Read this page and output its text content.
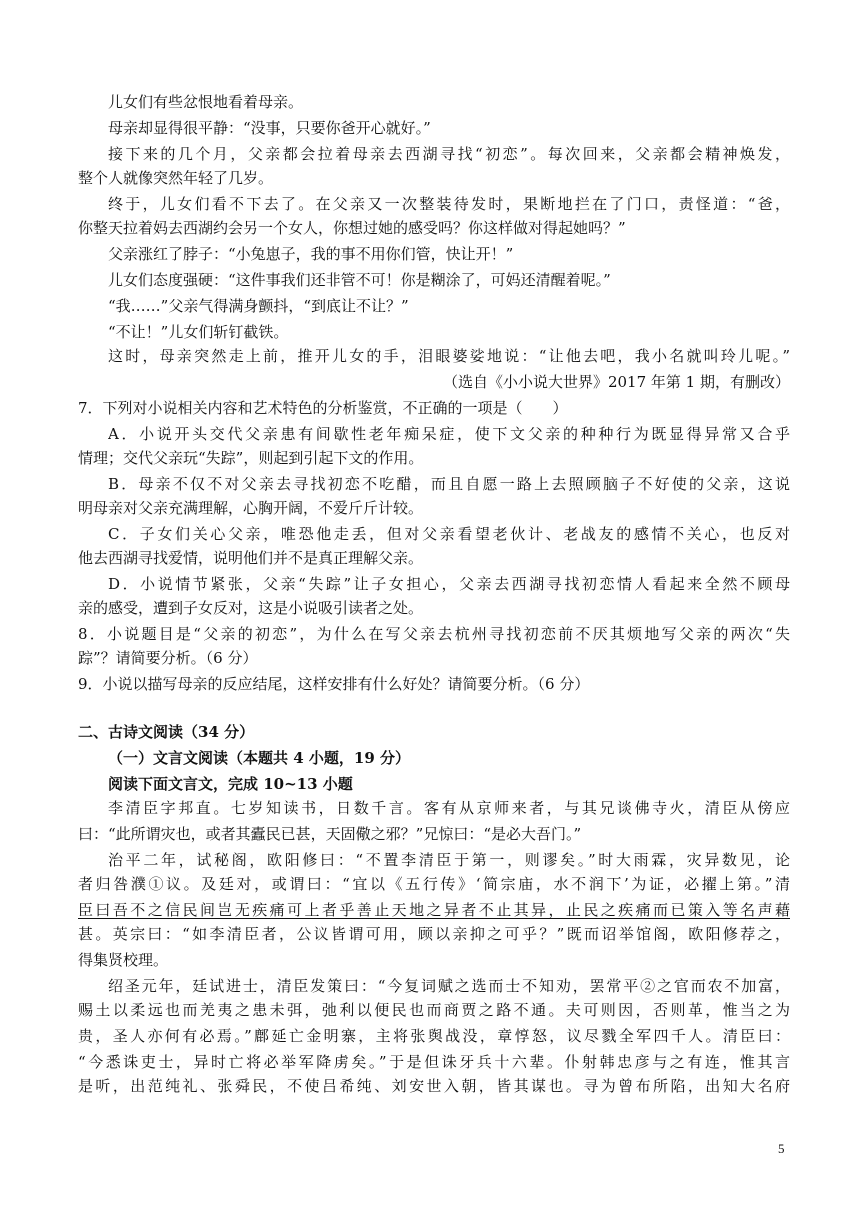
儿女们有些忿恨地看着母亲。
母亲却显得很平静：“没事，只要你爸开心就好。”
接下来的几个月，父亲都会拉着母亲去西湖寻找“初恋”。每次回来，父亲都会精神焕发，
整个人就像突然年轻了几岁。
终于，儿女们看不下去了。在父亲又一次整装待发时，果断地拦在了门口，责怪道：“爸，
你整天拉着妈去西湖约会另一个女人，你想过她的感受吗？你这样做对得起她吗？”
父亲涨红了脖子：“小兔崽子，我的事不用你们管，快让开！”
儿女们态度强硬：“这件事我们还非管不可！你是糊涂了，可妈还清醒着呢。”
“我……”父亲气得满身颤抖，“到底让不让？”
“不让！”儿女们斩钉截铁。
这时，母亲突然走上前，推开儿女的手，泪眼婆娑地说：“让他去吧，我小名就叫玲儿呢。”
（选自《小小说大世界》2017 年第 1 期，有删改）
7．下列对小说相关内容和艺术特色的分析鉴赏，不正确的一项是（　　）
A．小说开头交代父亲患有间歇性老年痴呆症，使下文父亲的种种行为既显得异常又合乎
情理；交代父亲玩“失踪”，则起到引起下文的作用。
B．母亲不仅不对父亲去寻找初恋不吃醋，而且自愿一路上去照顾脑子不好使的父亲，这说
明母亲对父亲充满理解，心胸开阔，不爱斤斤计较。
C．子女们关心父亲，唯恐他走丢，但对父亲看望老伙计、老战友的感情不关心，也反对
他去西湖寻找爱情，说明他们并不是真正理解父亲。
D．小说情节紧张，父亲“失踪”让子女担心，父亲去西湖寻找初恋情人看起来全然不顾母
亲的感受，遭到子女反对，这是小说吸引读者之处。
8．小说题目是“父亲的初恋”，为什么在写父亲去杭州寻找初恋前不厌其烦地写父亲的两次“失
踪”？请简要分析。（6 分）
9．小说以描写母亲的反应结尾，这样安排有什么好处？请简要分析。（6 分）
二、古诗文阅读（34 分）
（一）文言文阅读（本题共 4 小题，19 分）
阅读下面文言文，完成 10~13 小题
李清臣字邦直。七岁知读书，日数千言。客有从京师来者，与其兄谈佛寺火，清臣从傍应
曰：“此所谓灾也，或者其蠹民已甚，天固儆之邪？”兄惊曰：“是必大吾门。”
治平二年，试秘阁，欧阳修曰：“不置李清臣于第一，则谬矣。”时大雨霖，灾异数见，论
者归咎濮①议。及廷对，或谓曰：“宜以《五行传》‘简宗庙，水不润下’为证，必擢上第。”清
臣曰吾不之信民间岂无疾痛可上者乎善止天地之异者不止其异，止民之疾痛而已策入等名声藉
甚。英宗曰：“如李清臣者，公议皆谓可用，顾以亲抑之可乎？”既而诏举馆阁，欧阳修荐之，
得集贤校理。
绍圣元年，廷试进士，清臣发策曰：“今复词赋之选而士不知劝，罢常平②之官而农不加富，
赐土以柔远也而羌夷之患未弭，弛利以便民也而商贾之路不通。夫可则因，否则革，惟当之为
贵，圣人亦何有必焉。”鄜延亡金明寨，主将张舆战没，章惇怒，议尽戮全军四千人。清臣曰：
“今悉诛吏士，异时亡将必举军降虏矣。”于是但诛牙兵十六辈。仆射韩忠彦与之有连，惟其言
是听，出范纯礼、张舜民，不使吕希纯、刘安世入朝，皆其谋也。寻为曾布所陷，出知大名府
5
